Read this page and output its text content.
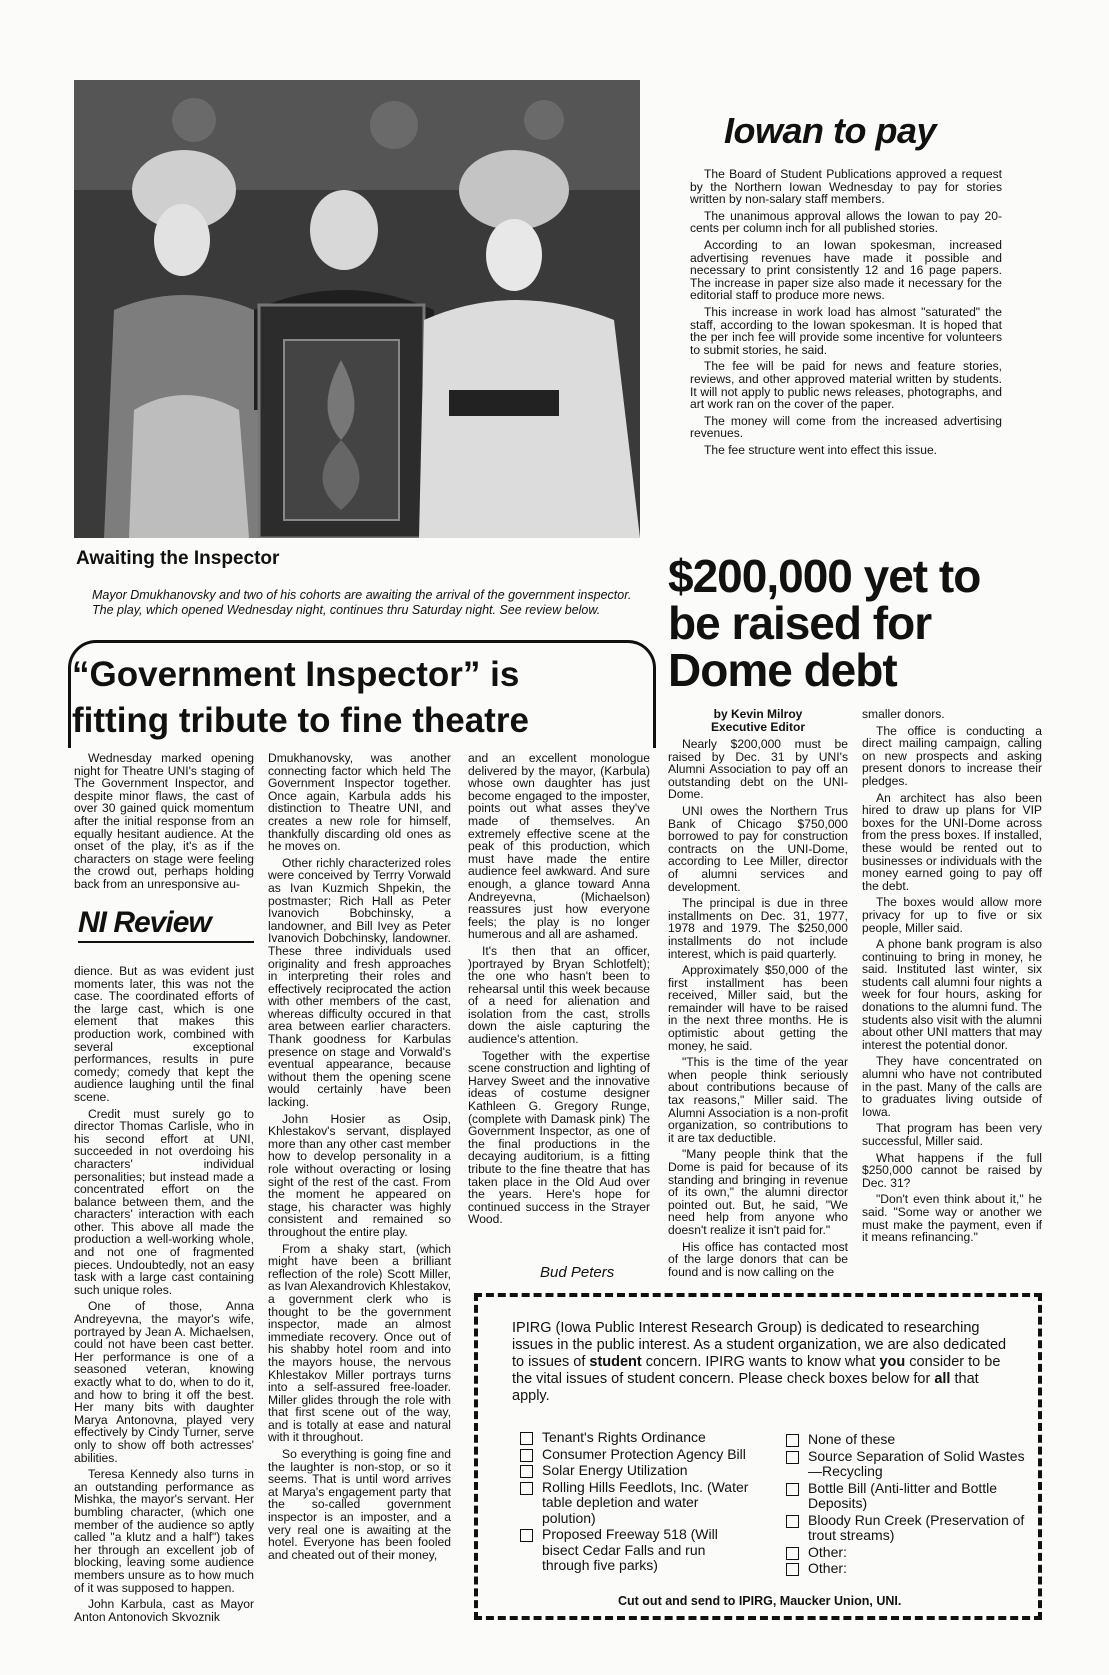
Iowan to pay

The Board of Student Publications approved a request by the Northern Iowan Wednesday to pay for stories written by non-salary staff members.

The unanimous approval allows the Iowan to pay 20-cents per column inch for all published stories.

According to an Iowan spokesman, increased advertising revenues have made it possible and necessary to print consistently 12 and 16 page papers. The increase in paper size also made it necessary for the editorial staff to produce more news.

This increase in work load has almost "saturated" the staff, according to the Iowan spokesman. It is hoped that the per inch fee will provide some incentive for volunteers to submit stories, he said.

The fee will be paid for news and feature stories, reviews, and other approved material written by students. It will not apply to public news releases, photographs, and art work ran on the cover of the paper.

The money will come from the increased advertising revenues.

The fee structure went into effect this issue.

Awaiting the Inspector
Mayor Dmukhanovsky and two of his cohorts are awaiting the arrival of the government inspector. The play, which opened Wednesday night, continues thru Saturday night. See review below.
$200,000 yet to be raised for Dome debt
“Government Inspector” is
fitting tribute to fine theatre

Wednesday marked opening night for Theatre UNI's staging of The Government Inspector, and despite minor flaws, the cast of over 30 gained quick momentum after the initial response from an equally hesitant audience. At the onset of the play, it's as if the characters on stage were feeling the crowd out, perhaps holding back from an unresponsive au-

NI Review

dience. But as was evident just moments later, this was not the case. The coordinated efforts of the large cast, which is one element that makes this production work, combined with several exceptional performances, results in pure comedy; comedy that kept the audience laughing until the final scene.

Credit must surely go to director Thomas Carlisle, who in his second effort at UNI, succeeded in not overdoing his characters' individual personalities; but instead made a concentrated effort on the balance between them, and the characters' interaction with each other. This above all made the production a well-working whole, and not one of fragmented pieces. Undoubtedly, not an easy task with a large cast containing such unique roles.

One of those, Anna Andreyevna, the mayor's wife, portrayed by Jean A. Michaelsen, could not have been cast better. Her performance is one of a seasoned veteran, knowing exactly what to do, when to do it, and how to bring it off the best. Her many bits with daughter Marya Antonovna, played very effectively by Cindy Turner, serve only to show off both actresses' abilities.

Teresa Kennedy also turns in an outstanding performance as Mishka, the mayor's servant. Her bumbling character, (which one member of the audience so aptly called "a klutz and a half") takes her through an excellent job of blocking, leaving some audience members unsure as to how much of it was supposed to happen.

John Karbula, cast as Mayor Anton Antonovich Skvoznik

Dmukhanovsky, was another connecting factor which held The Government Inspector together. Once again, Karbula adds his distinction to Theatre UNI, and creates a new role for himself, thankfully discarding old ones as he moves on.

Other richly characterized roles were conceived by Terrry Vorwald as Ivan Kuzmich Shpekin, the postmaster; Rich Hall as Peter Ivanovich Bobchinsky, a landowner, and Bill Ivey as Peter Ivanovich Dobchinsky, landowner. These three individuals used originality and fresh approaches in interpreting their roles and effectively reciprocated the action with other members of the cast, whereas difficulty occured in that area between earlier characters. Thank goodness for Karbulas presence on stage and Vorwald's eventual appearance, because without them the opening scene would certainly have been lacking.

John Hosier as Osip, Khlestakov's servant, displayed more than any other cast member how to develop personality in a role without overacting or losing sight of the rest of the cast. From the moment he appeared on stage, his character was highly consistent and remained so throughout the entire play.

From a shaky start, (which might have been a brilliant reflection of the role) Scott Miller, as Ivan Alexandrovich Khlestakov, a government clerk who is thought to be the government inspector, made an almost immediate recovery. Once out of his shabby hotel room and into the mayors house, the nervous Khlestakov Miller portrays turns into a self-assured free-loader. Miller glides through the role with that first scene out of the way, and is totally at ease and natural with it throughout.

So everything is going fine and the laughter is non-stop, or so it seems. That is until word arrives at Marya's engagement party that the so-called government inspector is an imposter, and a very real one is awaiting at the hotel. Everyone has been fooled and cheated out of their money,

and an excellent monologue delivered by the mayor, (Karbula) whose own daughter has just become engaged to the imposter, points out what asses they've made of themselves. An extremely effective scene at the peak of this production, which must have made the entire audience feel awkward. And sure enough, a glance toward Anna Andreyevna, (Michaelson) reassures just how everyone feels; the play is no longer humerous and all are ashamed.

It's then that an officer, )portrayed by Bryan Schlotfelt); the one who hasn't been to rehearsal until this week because of a need for alienation and isolation from the cast, strolls down the aisle capturing the audience's attention.

Together with the expertise scene construction and lighting of Harvey Sweet and the innovative ideas of costume designer Kathleen G. Gregory Runge, (complete with Damask pink) The Government Inspector, as one of the final productions in the decaying auditorium, is a fitting tribute to the fine theatre that has taken place in the Old Aud over the years. Here's hope for continued success in the Strayer Wood.

Bud Peters
by Kevin Milroy
Executive Editor

Nearly $200,000 must be raised by Dec. 31 by UNI's Alumni Association to pay off an outstanding debt on the UNI-Dome.

UNI owes the Northern Trus Bank of Chicago $750,000 borrowed to pay for construction contracts on the UNI-Dome, according to Lee Miller, director of alumni services and development.

The principal is due in three installments on Dec. 31, 1977, 1978 and 1979. The $250,000 installments do not include interest, which is paid quarterly.

Approximately $50,000 of the first installment has been received, Miller said, but the remainder will have to be raised in the next three months. He is optimistic about getting the money, he said.

"This is the time of the year when people think seriously about contributions because of tax reasons," Miller said. The Alumni Association is a non-profit organization, so contributions to it are tax deductible.

"Many people think that the Dome is paid for because of its standing and bringing in revenue of its own," the alumni director pointed out. But, he said, "We need help from anyone who doesn't realize it isn't paid for."

His office has contacted most of the large donors that can be found and is now calling on the

smaller donors.

The office is conducting a direct mailing campaign, calling on new prospects and asking present donors to increase their pledges.

An architect has also been hired to draw up plans for VIP boxes for the UNI-Dome across from the press boxes. If installed, these would be rented out to businesses or individuals with the money earned going to pay off the debt.

The boxes would allow more privacy for up to five or six people, Miller said.

A phone bank program is also continuing to bring in money, he said. Instituted last winter, six students call alumni four nights a week for four hours, asking for donations to the alumni fund. The students also visit with the alumni about other UNI matters that may interest the potential donor.

They have concentrated on alumni who have not contributed in the past. Many of the calls are to graduates living outside of Iowa.

That program has been very successful, Miller said.

What happens if the full $250,000 cannot be raised by Dec. 31?

"Don't even think about it," he said. "Some way or another we must make the payment, even if it means refinancing."

IPIRG (Iowa Public Interest Research Group) is dedicated to researching issues in the public interest. As a student organization, we are also dedicated to issues of student concern. IPIRG wants to know what you consider to be the vital issues of student concern. Please check boxes below for all that apply.
Tenant's Rights Ordinance
Consumer Protection Agency Bill
Solar Energy Utilization
Rolling Hills Feedlots, Inc. (Water table depletion and water polution)
Proposed Freeway 518 (Will bisect Cedar Falls and run through five parks)
None of these
Source Separation of Solid Wastes—Recycling
Bottle Bill (Anti-litter and Bottle Deposits)
Bloody Run Creek (Preservation of trout streams)
Other:
Other:
Cut out and send to IPIRG, Maucker Union, UNI.
